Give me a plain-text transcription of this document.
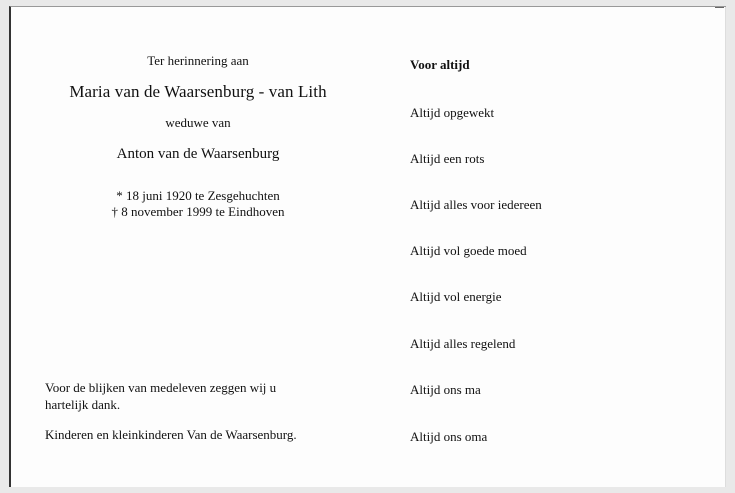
Ter herinnering aan

Maria van de Waarsenburg - van Lith

weduwe van

Anton van de Waarsenburg

* 18 juni 1920 te Zesgehuchten
† 8 november 1999 te Eindhoven
Voor de blijken van medeleven zeggen wij u
hartelijk dank.
Kinderen en kleinkinderen Van de Waarsenburg.

Voor altijd

Altijd opgewekt

Altijd een rots

Altijd alles voor iedereen

Altijd vol goede moed

Altijd vol energie

Altijd alles regelend

Altijd ons ma

Altijd ons oma
